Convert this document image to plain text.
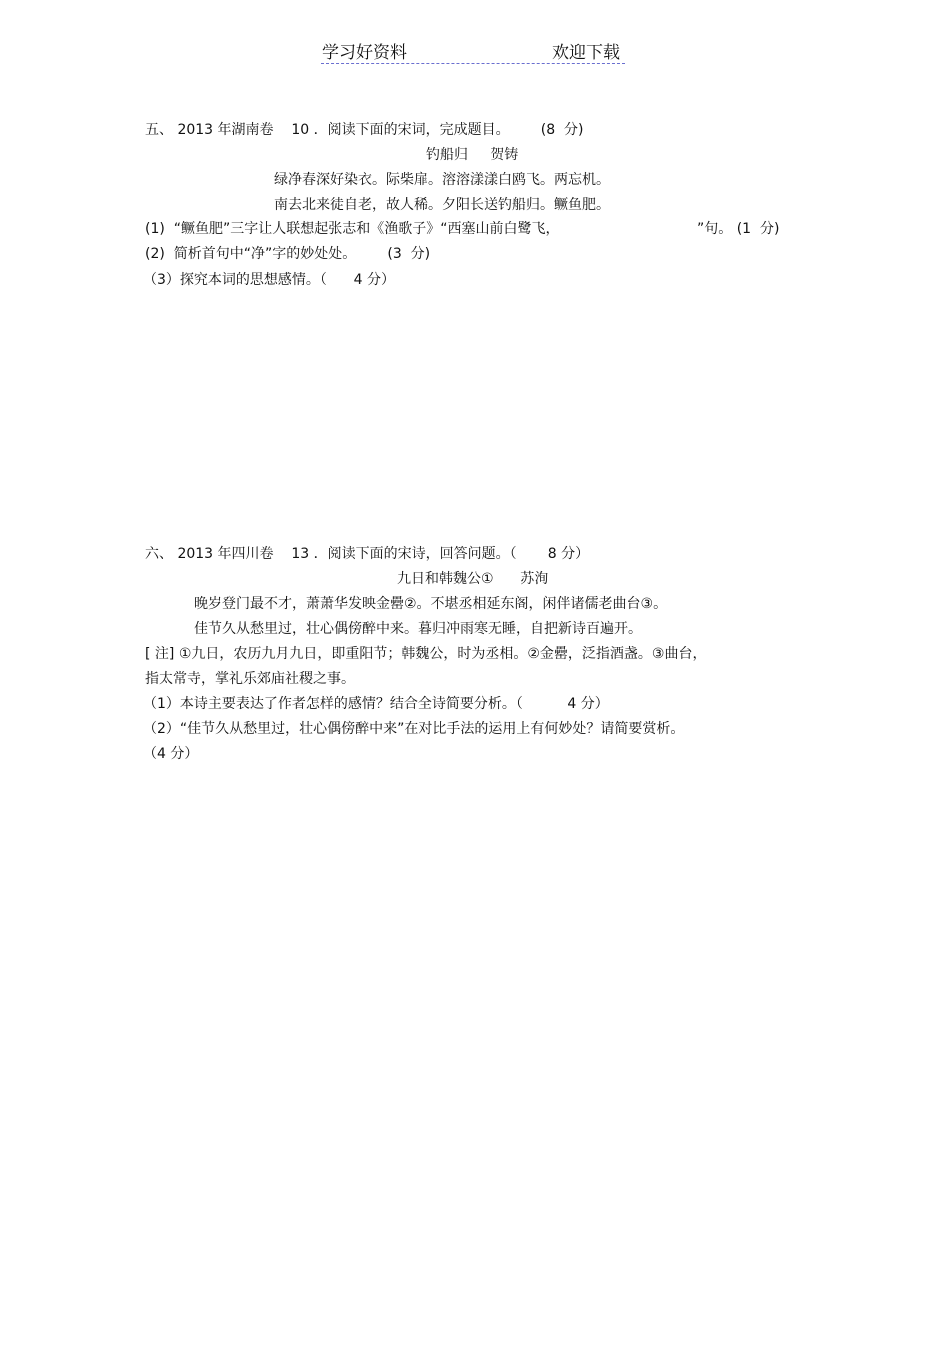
学习好资料	欢迎下载
五、 2013 年湖南卷    10 ．阅读下面的宋词，完成题目。       (8  分)
钓船归     贺铸
绿净春深好染衣。际柴扉。溶溶漾漾白鸥飞。两忘机。
南去北来徒自老，故人稀。夕阳长送钓船归。鳜鱼肥。
(1)  “鳜鱼肥”三字让人联想起张志和《渔歌子》“西塞山前白鹭飞，	”句。 (1  分)
(2)  简析首句中“净”字的妙处处。       (3  分)
（3）探究本词的思想感情。（      4 分）
六、 2013 年四川卷    13 ．阅读下面的宋诗，回答问题。（       8 分）
九日和韩魏公①      苏洵
晚岁登门最不才，萧萧华发映金罍②。不堪丞相延东阁，闲伴诸儒老曲台③。
佳节久从愁里过，壮心偶傍醉中来。暮归冲雨寒无睡，自把新诗百遍开。
[ 注] ①九日，农历九月九日，即重阳节；韩魏公，时为丞相。②金罍，泛指酒盏。③曲台，
指太常寺，掌礼乐郊庙社稷之事。
（1）本诗主要表达了作者怎样的感情？结合全诗简要分析。（          4 分）
（2）“佳节久从愁里过，壮心偶傍醉中来”在对比手法的运用上有何妙处？请简要赏析。
（4 分）
